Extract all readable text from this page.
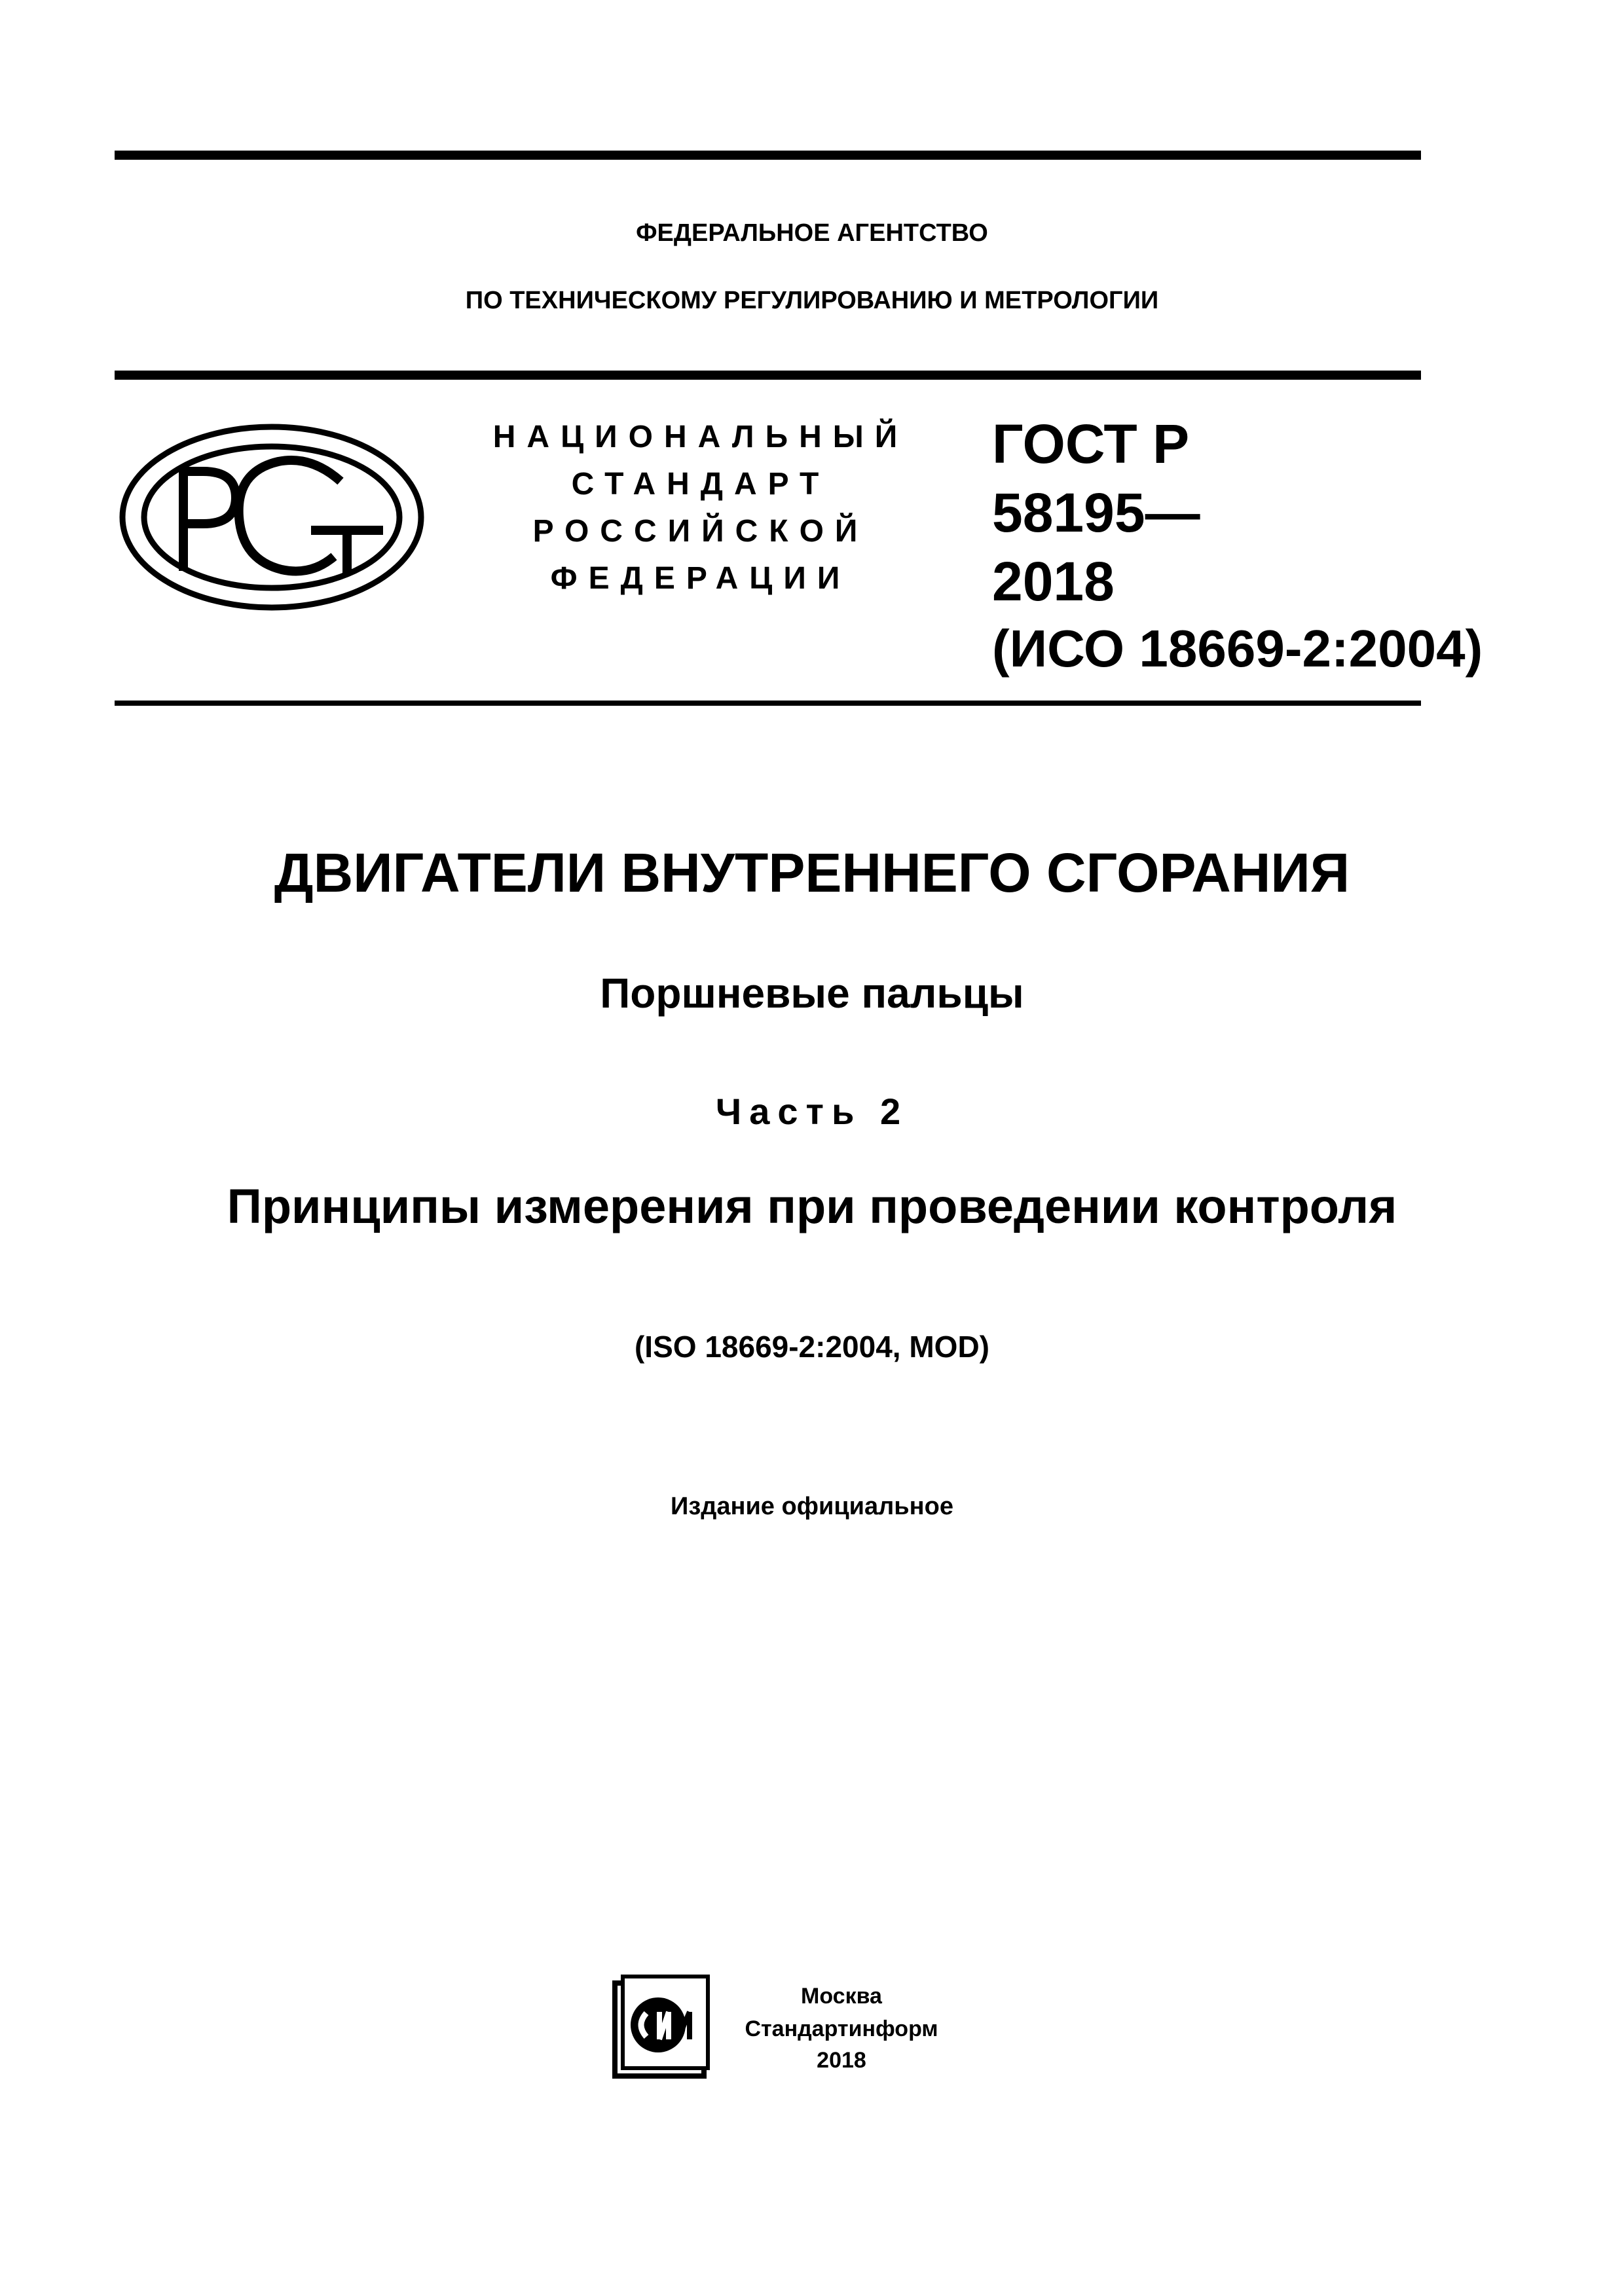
ФЕДЕРАЛЬНОЕ АГЕНТСТВО
ПО ТЕХНИЧЕСКОМУ РЕГУЛИРОВАНИЮ И МЕТРОЛОГИИ
НАЦИОНАЛЬНЫЙ
СТАНДАРТ
РОССИЙСКОЙ
ФЕДЕРАЦИИ
ГОСТ Р
58195—
2018
(ИСО 18669-2:2004)
ДВИГАТЕЛИ ВНУТРЕННЕГО СГОРАНИЯ
Поршневые пальцы
Часть 2
Принципы измерения при проведении контроля
(ISO 18669-2:2004, MOD)
Издание официальное
Москва
Стандартинформ
2018
